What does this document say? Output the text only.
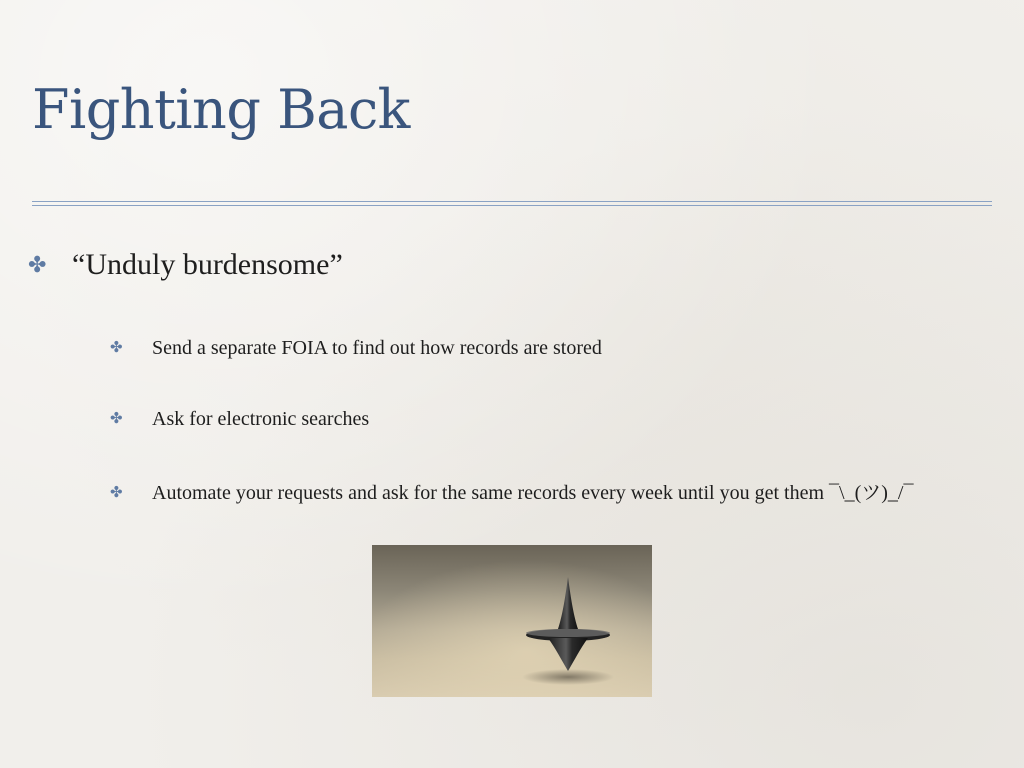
Fighting Back
✤ “Unduly burdensome”
✤	Send a separate FOIA to find out how records are stored
✤	Ask for electronic searches
✤	Automate your requests and ask for the same records every week until you get them ¯\_(ツ)_/¯
